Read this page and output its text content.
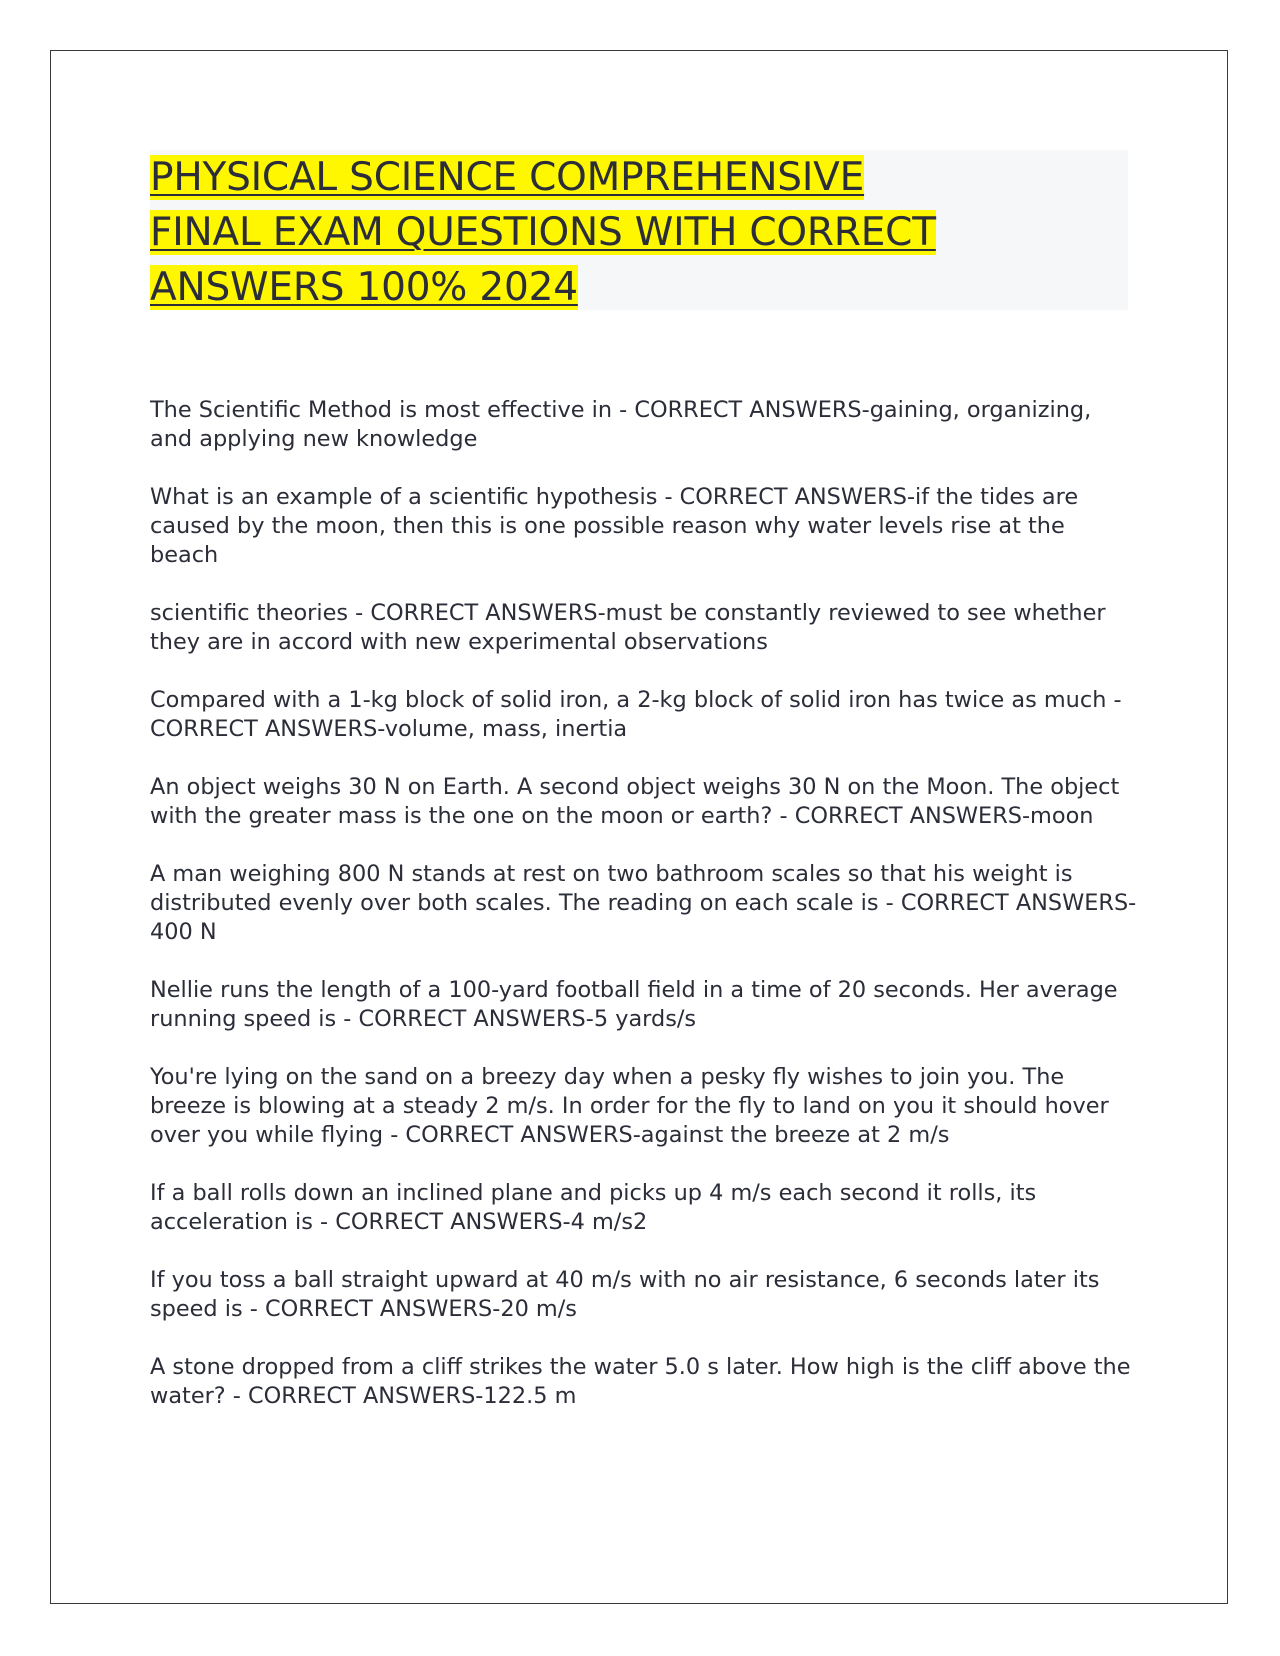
PHYSICAL SCIENCE COMPREHENSIVE
FINAL EXAM QUESTIONS WITH CORRECT
ANSWERS 100% 2024

The Scientific Method is most effective in - CORRECT ANSWERS-gaining, organizing, and applying new knowledge

What is an example of a scientific hypothesis - CORRECT ANSWERS-if the tides are caused by the moon, then this is one possible reason why water levels rise at the beach

scientific theories - CORRECT ANSWERS-must be constantly reviewed to see whether they are in accord with new experimental observations

Compared with a 1-kg block of solid iron, a 2-kg block of solid iron has twice as much - CORRECT ANSWERS-volume, mass, inertia

An object weighs 30 N on Earth. A second object weighs 30 N on the Moon. The object with the greater mass is the one on the moon or earth? - CORRECT ANSWERS-moon

A man weighing 800 N stands at rest on two bathroom scales so that his weight is distributed evenly over both scales. The reading on each scale is - CORRECT ANSWERS-400 N

Nellie runs the length of a 100-yard football field in a time of 20 seconds. Her average running speed is - CORRECT ANSWERS-5 yards/s

You're lying on the sand on a breezy day when a pesky fly wishes to join you. The breeze is blowing at a steady 2 m/s. In order for the fly to land on you it should hover over you while flying - CORRECT ANSWERS-against the breeze at 2 m/s

If a ball rolls down an inclined plane and picks up 4 m/s each second it rolls, its acceleration is - CORRECT ANSWERS-4 m/s2

If you toss a ball straight upward at 40 m/s with no air resistance, 6 seconds later its speed is - CORRECT ANSWERS-20 m/s

A stone dropped from a cliff strikes the water 5.0 s later. How high is the cliff above the water? - CORRECT ANSWERS-122.5 m
